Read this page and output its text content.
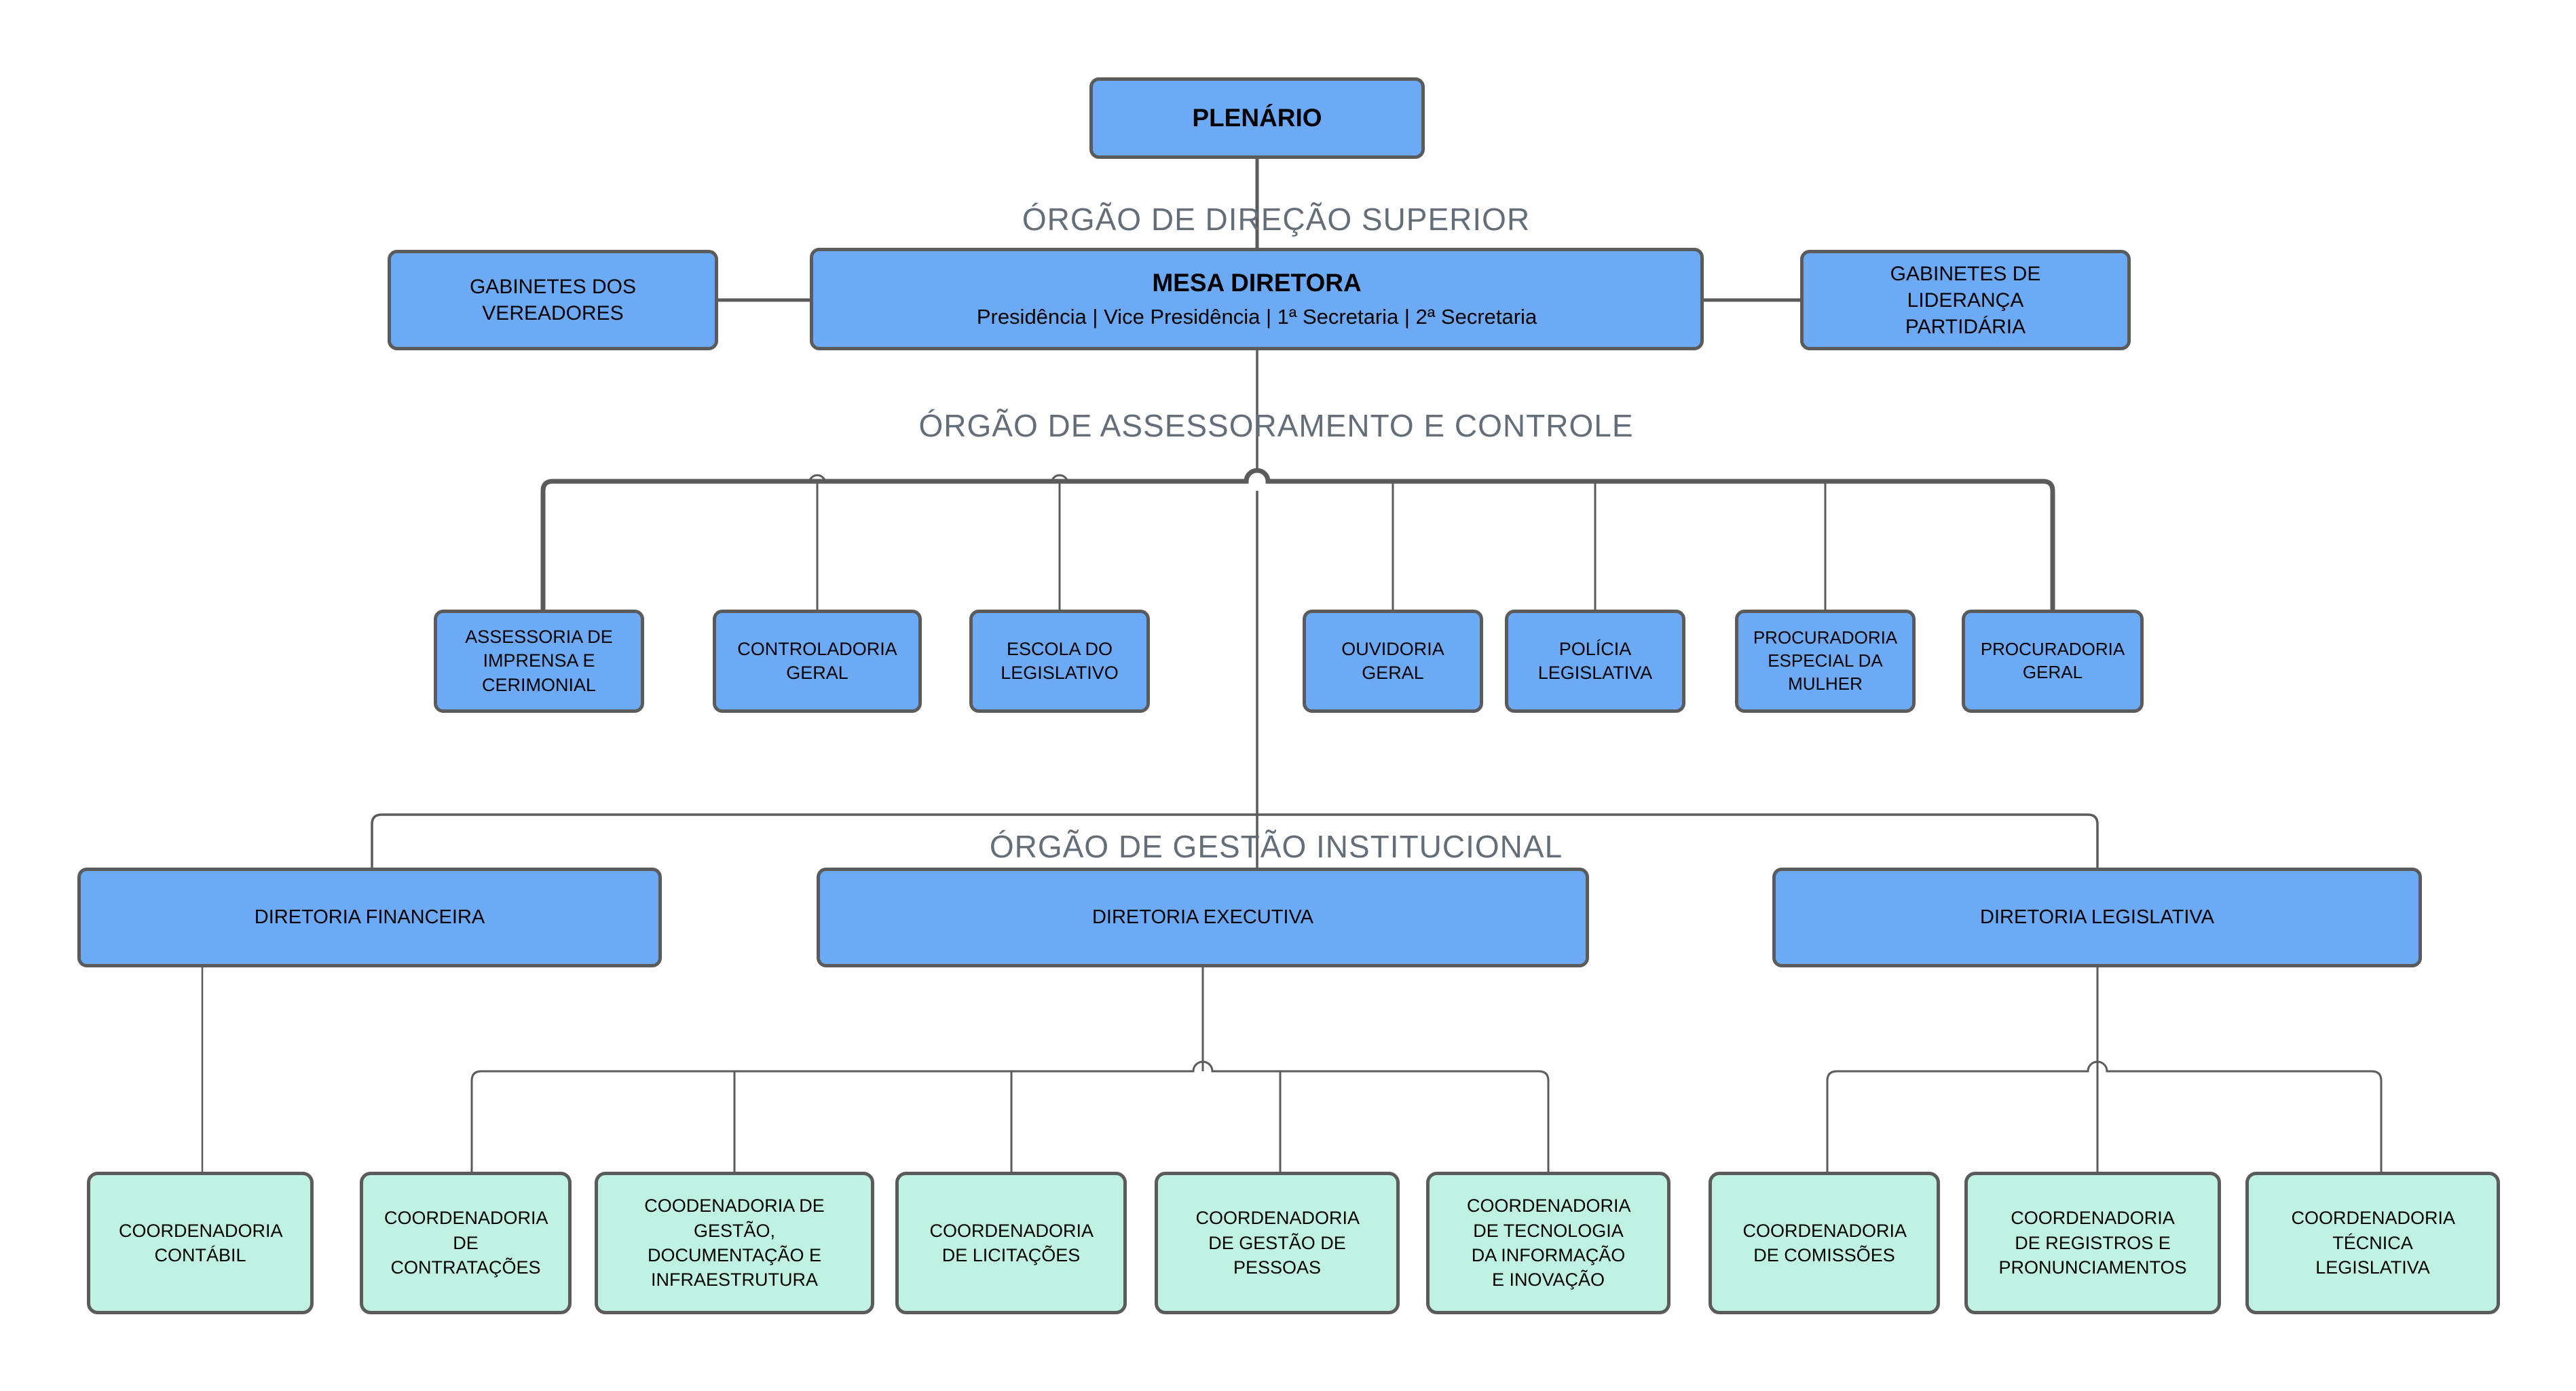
ÓRGÃO DE DIREÇÃO SUPERIOR
ÓRGÃO DE ASSESSORAMENTO E CONTROLE
ÓRGÃO DE GESTÃO INSTITUCIONAL
PLENÁRIO
GABINETES DOS VEREADORES
MESA DIRETORA
Presidência | Vice Presidência | 1ª Secretaria | 2ª Secretaria
GABINETES DE LIDERANÇA PARTIDÁRIA
ASSESSORIA DE IMPRENSA E CERIMONIAL
CONTROLADORIA GERAL
ESCOLA DO LEGISLATIVO
OUVIDORIA GERAL
POLÍCIA LEGISLATIVA
PROCURADORIA ESPECIAL DA MULHER
PROCURADORIA GERAL
DIRETORIA FINANCEIRA	DIRETORIA EXECUTIVA	DIRETORIA LEGISLATIVA
COORDENADORIA CONTÁBIL
COORDENADORIA DE CONTRATAÇÕES
COODENADORIA DE GESTÃO, DOCUMENTAÇÃO E INFRAESTRUTURA
COORDENADORIA DE LICITAÇÕES
COORDENADORIA DE GESTÃO DE PESSOAS
COORDENADORIA DE TECNOLOGIA DA INFORMAÇÃO E INOVAÇÃO
COORDENADORIA DE COMISSÕES
COORDENADORIA DE REGISTROS E PRONUNCIAMENTOS
COORDENADORIA TÉCNICA LEGISLATIVA
